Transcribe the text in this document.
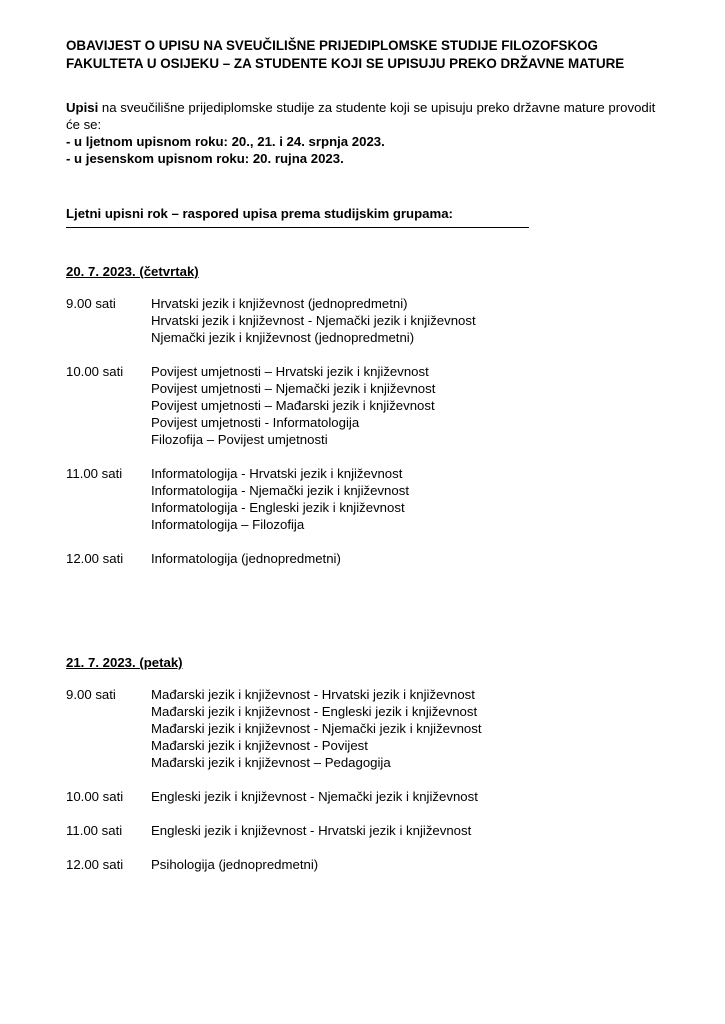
OBAVIJEST O UPISU NA SVEUČILIŠNE PRIJEDIPLOMSKE STUDIJE FILOZOFSKOG FAKULTETA U OSIJEKU – ZA STUDENTE KOJI SE UPISUJU PREKO DRŽAVNE MATURE

Upisi na sveučilišne prijediplomske studije za studente koji se upisuju preko državne mature provodit će se:

- u ljetnom upisnom roku: 20., 21. i 24. srpnja 2023.

- u jesenskom upisnom roku: 20. rujna 2023.

Ljetni upisni rok – raspored upisa prema studijskim grupama:
20. 7. 2023. (četvrtak)
9.00 sati	Hrvatski jezik i književnost (jednopredmetni)
Hrvatski jezik i književnost - Njemački jezik i književnost
Njemački jezik i književnost (jednopredmetni)
10.00 sati	Povijest umjetnosti – Hrvatski jezik i književnost
Povijest umjetnosti – Njemački jezik i književnost
Povijest umjetnosti – Mađarski jezik i književnost
Povijest umjetnosti - Informatologija
Filozofija – Povijest umjetnosti
11.00 sati	Informatologija - Hrvatski jezik i književnost
Informatologija - Njemački jezik i književnost
Informatologija - Engleski jezik i književnost
Informatologija – Filozofija
12.00 sati	Informatologija (jednopredmetni)
21. 7. 2023. (petak)
9.00 sati	Mađarski jezik i književnost - Hrvatski jezik i književnost
Mađarski jezik i književnost - Engleski jezik i književnost
Mađarski jezik i književnost - Njemački jezik i književnost
Mađarski jezik i književnost - Povijest
Mađarski jezik i književnost – Pedagogija
10.00 sati	Engleski jezik i književnost - Njemački jezik i književnost
11.00 sati	Engleski jezik i književnost - Hrvatski jezik i književnost
12.00 sati	Psihologija (jednopredmetni)
